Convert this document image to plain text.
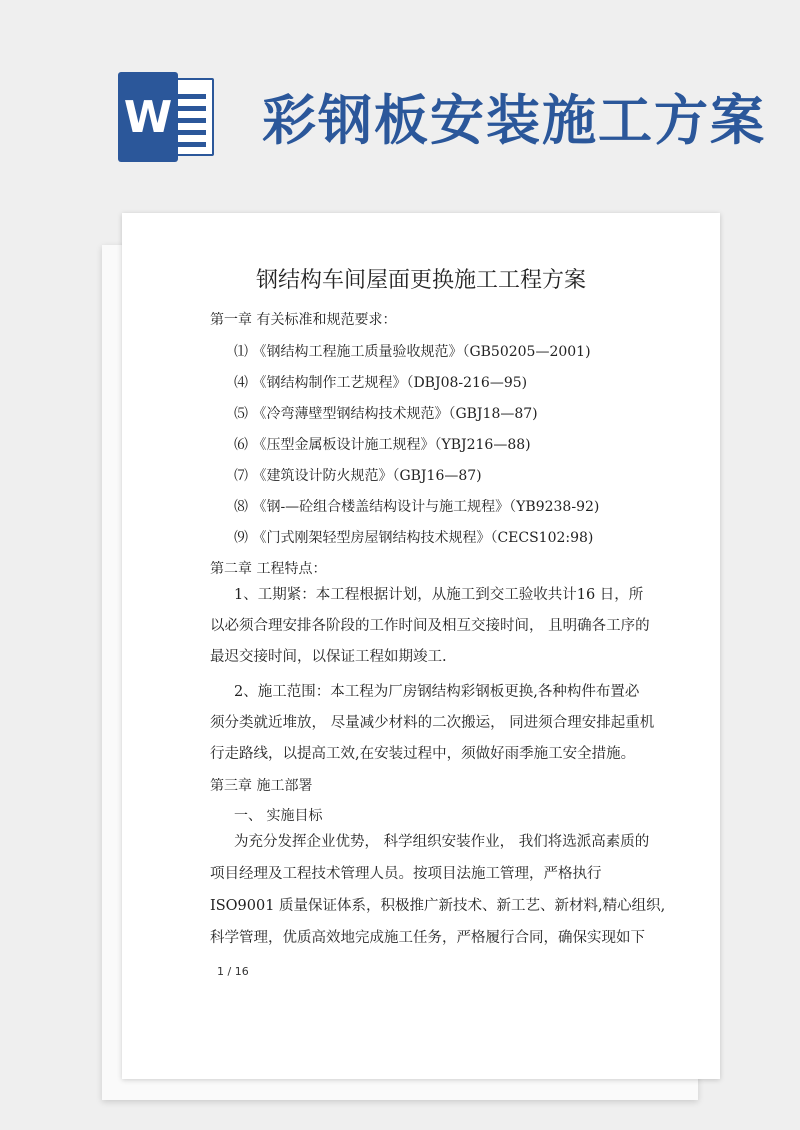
W 彩钢板安装施工方案
钢结构车间屋面更换施工工程方案
第一章 有关标准和规范要求：
⑴ 《钢结构工程施工质量验收规范》（GB50205—2001)
⑷ 《钢结构制作工艺规程》（DBJ08-216—95)
⑸ 《冷弯薄壁型钢结构技术规范》（GBJ18—87)
⑹ 《压型金属板设计施工规程》（YBJ216—88)
⑺ 《建筑设计防火规范》（GBJ16—87)
⑻ 《钢-—砼组合楼盖结构设计与施工规程》（YB9238-92)
⑼ 《门式刚架轻型房屋钢结构技术规程》（CECS102:98)
第二章 工程特点：
1、工期紧：本工程根据计划，从施工到交工验收共计16 日，所
以必须合理安排各阶段的工作时间及相互交接时间， 且明确各工序的
最迟交接时间，以保证工程如期竣工.
2、施工范围：本工程为厂房钢结构彩钢板更换,各种构件布置必
须分类就近堆放， 尽量减少材料的二次搬运， 同进须合理安排起重机
行走路线，以提高工效,在安装过程中，须做好雨季施工安全措施。
第三章 施工部署
一、 实施目标
为充分发挥企业优势， 科学组织安装作业， 我们将选派高素质的
项目经理及工程技术管理人员。按项目法施工管理，严格执行
ISO9001 质量保证体系，积极推广新技术、新工艺、新材料,精心组织,
科学管理，优质高效地完成施工任务，严格履行合同，确保实现如下
1 / 16
